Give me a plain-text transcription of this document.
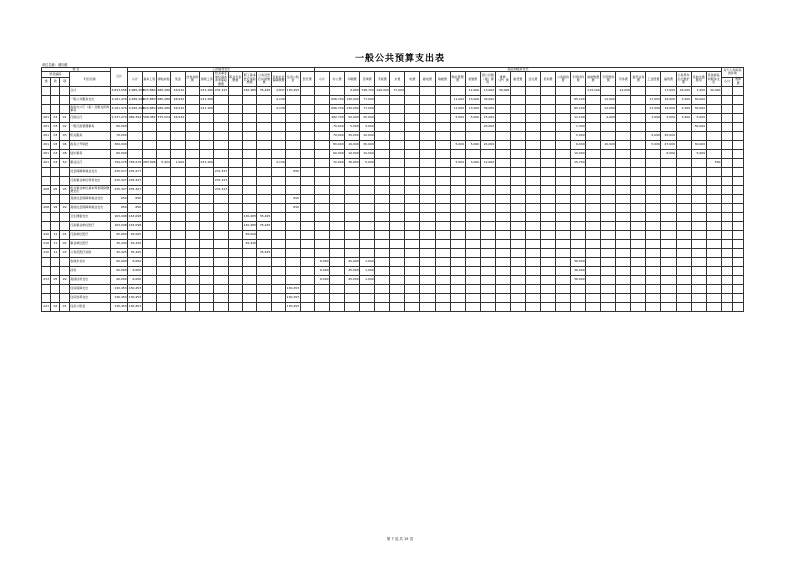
一般公共预算支出表
单位名称：城川镇
项 目				合计	工资福利支出													商品和服务支出																											对个人和家庭的补助	
科目编码			科目名称		小计	基本工资	津贴补贴	奖金	伙食补助费	绩效工资	机关事业单位基本养老保险缴费	职业年金缴费	职工基本医疗保险缴费	公务员医疗补助缴费	其他社会保障缴费	住房公积金	医疗费	小计	办公费	印刷费	咨询费	手续费	水费	电费	邮电费	取暖费	物业管理费	差旅费	因公出国（境）费用	维修（护）费	租赁费	会议费	培训费	公务接待费	专用材料费	被装购置费	专用燃料费	劳务费	委托业务费	工会经费	福利费	公务用车运行维护费	其他交通费用	其他商品和服务支出		
类	款	项																																											小计	离休费
			合计	3,813,556	2,965,356	815,880	980,280	46,932		231,160	231,327		140,485	35,425	4,837	130,453				9,000	748,700	190,000	77,000					11,000	13,000	39,000						113,100		14,000			17,000	34,000	3,400	30,000		
			一般公共服务支出	3,161,476	2,465,296	815,880	980,280	46,932		231,160					4,139				696,700	130,000	77,000						11,000	13,000	39,000						85,100		14,000			17,000	34,000	3,400	30,000			
			政府办公厅（室）及相关机构事务	3,161,476	2,465,296	815,880	980,280	46,932		231,160					4,139				696,700	130,000	77,000						11,000	13,000	39,000						85,100		14,000			17,000	34,000	3,400	30,000			
201	03	01	行政运行	1,337,274	989,344	508,382	375,524	46,932											382,700	50,000	25,000						5,000	5,000	15,000						11,100		4,000			1,000	2,000	3,400	5,000			
201	03	02	一般行政管理事务	80,000															70,000	5,000	3,000								20,000						1,300								30,000			
201	03	03	机关服务	70,000															70,000	30,000	10,000														5,000					5,000	25,000					
201	03	06	政务公开审批	300,000															80,000	10,000	30,000						5,000	5,000	24,000						6,000		10,000			5,000	27,000		30,000			
201	03	08	信访事务	60,000															60,000	10,000	10,000														10,000						6,000		5,000			
201	03	50	事业运行	794,276	758,276	283,998	5,424	1,900		231,160					4,139				70,000	36,000	5,000						5,000	3,000	12,000						15,700									500		
			社会保障和就业支出	235,977	235,977						231,327					650																														
			行政事业单位养老支出	235,327	235,327						231,327																																			
208	05	05	机关事业单位基本养老保险缴费支出	235,327	235,327						231,327																																			
			其他社会保障和就业支出	650	650											650																														
208	99	99	其他社会保障和就业支出	650	650											650																														
			卫生健康支出	163,098	163,098								130,485	35,425																																
			行政事业单位医疗	163,098	163,098								140,485	35,425																																
210	11	01	行政单位医疗	95,000	95,000								95,000																																	
210	11	02	事业单位医疗	45,430	45,430								45,430																																	
210	11	03	公务员医疗补助	35,425	35,425									35,425																																
			农林水支出	90,000	6,000													6,000		45,000	1,000														36,000											
			扶贫	90,000	6,000													6,000		45,000	1,000														36,000											
213	05	99	其他扶贫支出	90,000	6,000													6,000		45,000	1,000														36,000											
			住房保障支出	130,453	130,453											130,453																														
			住房改革支出	130,453	130,453											130,453																														
221	02	01	住房公积金	130,453	130,453											130,453																														
第 7 页,共 15 页
